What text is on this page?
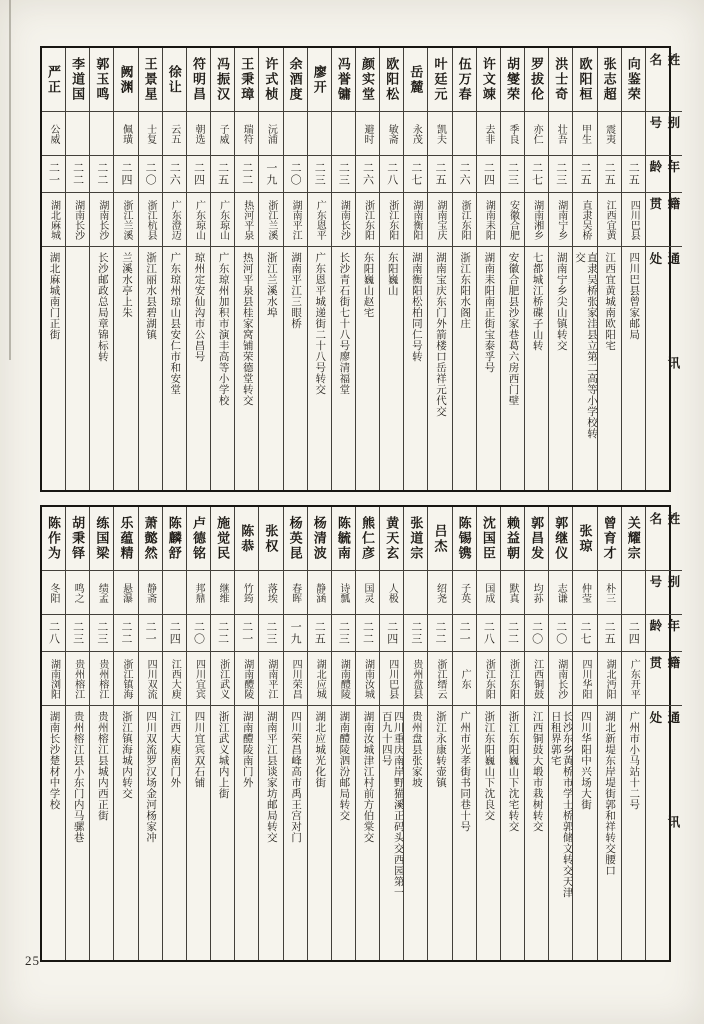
姓名
别号
年龄
籍贯
通讯处
向鉴荣
二五
四川巴县
四川巴县曾家邮局
张志超
震夷
二五
江西宜黄
江西宜黄城南欧阳宅
欧阳桓
甲生
二五
直隶吴桥
直隶吴桥张家洼县立第二高等小学校转交
洪士奇
壮吾
二三
湖南宁乡
湖南宁乡尖山镇转交
罗拔伦
亦仁
二七
湖南湘乡
七都城江桥碟子山转
胡燮荣
季良
二三
安徽合肥
安徽合肥县沙家巷葛六房西门壁
许文竦
去非
二四
湖南耒阳
湖南耒阳南正街宝泰孚号
伍万春
二六
浙江东阳
浙江东阳水阁庄
叶廷元
凯夫
二五
湖南宝庆
湖南宝庆东门外箭楼口岳祥元代交
岳麓
永茂
二七
湖南衡阳
湖南衡阳松柏同仁号转
欧阳松
敏斋
二八
浙江东阳
东阳巍山
颜实堂
避时
二六
浙江东阳
东阳巍山赵宅
冯誉镛
二三
湖南长沙
长沙青石街七十八号廖清福堂
廖开
二三
广东恩平
广东恩平城递街二十八号转交
余酒度
二〇
湖南平江
湖南平江三眼桥
许式桢
沅浦
一九
浙江兰溪
浙江兰溪水埠
王秉璋
瑞符
二二
热河平泉
热河平泉县桂家窝铺荣德堂转交
冯振汉
子威
二五
广东琼山
广东琼州加积市演丰高等小学校
符明昌
朝选
二四
广东琼山
琼州定安仙沟市公昌号
徐让
云五
二六
广东澄迈
广东琼州琼山县安仁市和安堂
王景星
士复
二〇
浙江杭县
浙江丽水县碧湖镇
阙渊
佩璜
二四
浙江兰溪
兰溪水亭上朱
郭玉鸣
二二
湖南长沙
长沙邮政总局章锦标转
李道国
二二
湖南长沙
严正
公威
二一
湖北麻城
湖北麻城南门正街
姓名
别号
年龄
籍贯
通讯处
关耀宗
二四
广东开平
广州市小马站十二号
曾育才
朴三
二五
湖北沔阳
湖北新堤东岸堤街郭和祥转交腰口
张琼
仲莹
二七
四川华阳
四川华阳中兴场大街
郭继仪
志谦
二〇
湖南长沙
长沙东乡黄桥市学士桥郭储文转交天津日租界郭宅
郭昌发
均荪
二〇
江西铜鼓
江西铜鼓大塅市栽树转交
赖益朝
默真
二二
浙江东阳
浙江东阳巍山下沈宅转交
沈国臣
国成
二八
浙江东阳
浙江东阳巍山下沈良交
陈锡镌
子英
二一
广东
广州市光孝街书同巷十号
吕杰
绍尧
二二
浙江缙云
浙江永康转壶镇
张道宗
二三
贵州盘县
贵州盘县张家坡
黄天玄
人极
二四
四川巴县
四川重庆南岸野猫溪正码头交西园第一百九十四号
熊仁彦
国灵
二二
湖南汝城
湖南汝城津江村前方伯棠交
陈毓南
诗瓢
二三
湖南醴陵
湖南醴陵泗汾邮局转交
杨清波
静涵
二五
湖北应城
湖北应城光化街
杨英昆
春晖
一九
四川荣昌
四川荣昌峰高市禹王宫对门
张权
落埃
二三
湖南平江
湖南平江县谈家坊邮局转交
陈恭
竹筠
二一
湖南醴陵
湖南醴陵南门外
施觉民
继维
二二
浙江武义
浙江武义城内上街
卢德铭
邦鼎
二〇
四川宜宾
四川宜宾双石铺
陈麟舒
二四
江西大庾
江西大庾南门外
萧懿然
静斋
二一
四川双流
四川双流罗汉场金河杨家冲
乐蕴精
悬瀑
二二
浙江镇海
浙江镇海城内转交
练国梁
绩孟
二三
贵州榕江
贵州榕江县城内西正街
胡秉铎
鸣之
二三
贵州榕江
贵州榕江县小东门内马骡巷
陈作为
冬阳
二八
湖南浏阳
湖南长沙楚材中学校
25
